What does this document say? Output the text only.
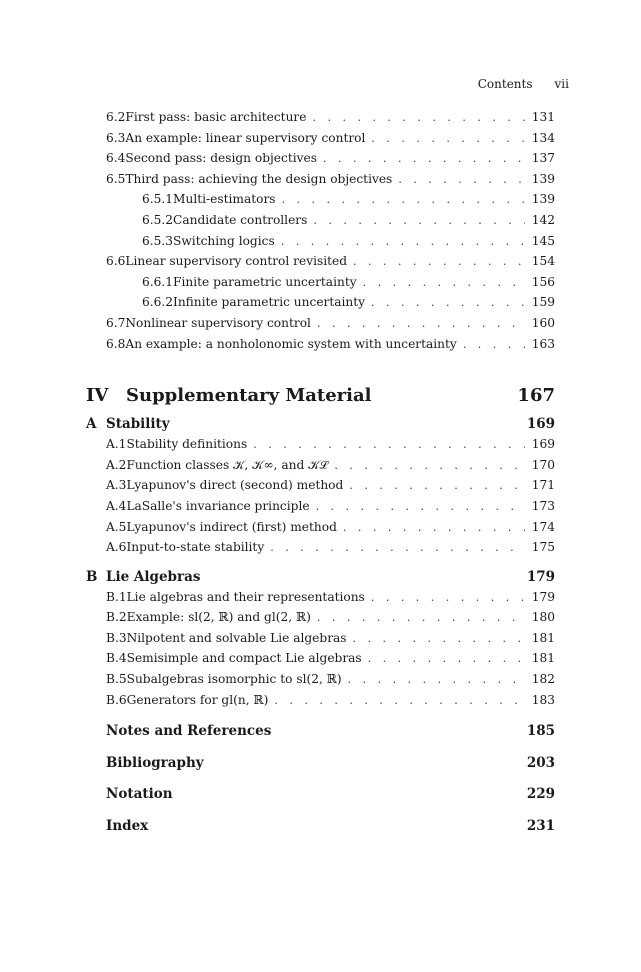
Contents vii
6.2 First pass: basic architecture . . .	131
6.3 An example: linear supervisory control . . .	134
6.4 Second pass: design objectives . . .	137
6.5 Third pass: achieving the design objectives . . .	139
6.5.1 Multi-estimators . . .	139
6.5.2 Candidate controllers . . .	142
6.5.3 Switching logics . . .	145
6.6 Linear supervisory control revisited . . .	154
6.6.1 Finite parametric uncertainty . . .	156
6.6.2 Infinite parametric uncertainty . . .	159
6.7 Nonlinear supervisory control . . .	160
6.8 An example: a nonholonomic system with uncertainty . . .	163
IV Supplementary Material	167
A Stability	169
A.1 Stability definitions . . .	169
A.2 Function classes 𝒦, 𝒦∞, and 𝒦ℒ . . .	170
A.3 Lyapunov's direct (second) method . . .	171
A.4 LaSalle's invariance principle . . .	173
A.5 Lyapunov's indirect (first) method . . .	174
A.6 Input-to-state stability . . .	175
B Lie Algebras	179
B.1 Lie algebras and their representations . . .	179
B.2 Example: sl(2, ℝ) and gl(2, ℝ) . . .	180
B.3 Nilpotent and solvable Lie algebras . . .	181
B.4 Semisimple and compact Lie algebras . . .	181
B.5 Subalgebras isomorphic to sl(2, ℝ) . . .	182
B.6 Generators for gl(n, ℝ) . . .	183
Notes and References	185
Bibliography	203
Notation	229
Index	231
